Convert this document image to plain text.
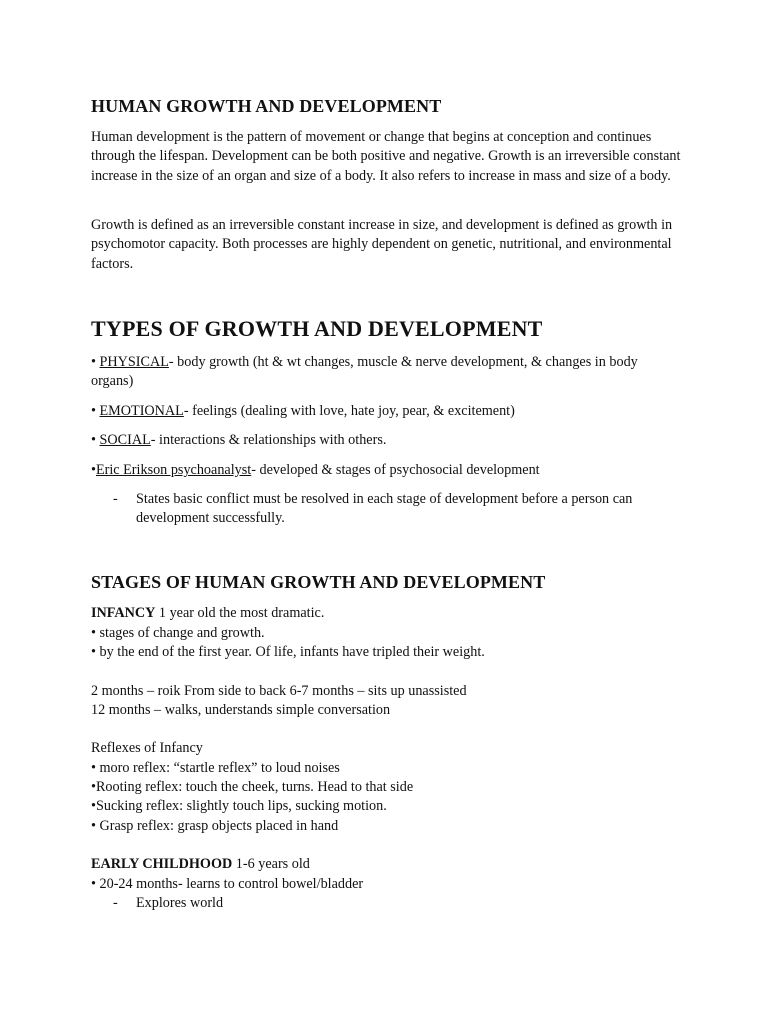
HUMAN GROWTH AND DEVELOPMENT

Human development is the pattern of movement or change that begins at conception and continues through the lifespan. Development can be both positive and negative. Growth is an irreversible constant increase in the size of an organ and size of a body. It also refers to increase in mass and size of a body.

Growth is defined as an irreversible constant increase in size, and development is defined as growth in psychomotor capacity. Both processes are highly dependent on genetic, nutritional, and environmental factors.

TYPES OF GROWTH AND DEVELOPMENT

• PHYSICAL- body growth (ht & wt changes, muscle & nerve development, & changes in body organs)

• EMOTIONAL- feelings (dealing with love, hate joy, pear, & excitement)

• SOCIAL- interactions & relationships with others.

•Eric Erikson psychoanalyst- developed & stages of psychosocial development

- States basic conflict must be resolved in each stage of development before a person can development successfully.

STAGES OF HUMAN GROWTH AND DEVELOPMENT

INFANCY 1 year old the most dramatic.

• stages of change and growth.

• by the end of the first year. Of life, infants have tripled their weight.

2 months – roik From side to back 6-7 months – sits up unassisted

12 months – walks, understands simple conversation

Reflexes of Infancy

• moro reflex: “startle reflex” to loud noises

•Rooting reflex: touch the cheek, turns. Head to that side

•Sucking reflex: slightly touch lips, sucking motion.

• Grasp reflex: grasp objects placed in hand

EARLY CHILDHOOD 1-6 years old

• 20-24 months- learns to control bowel/bladder

- Explores world
